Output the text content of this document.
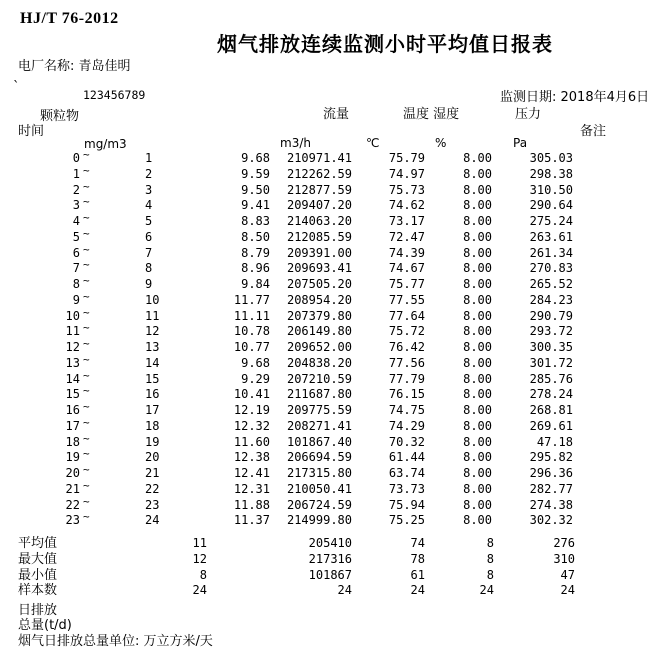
HJ/T 76-2012
烟气排放连续监测小时平均值日报表
电厂名称: 青岛佳明
`	123456789	监测日期: 2018年4月6日
颗粒物	流量	温度 湿度	压力
时间	备注
mg/m3	m3/h	℃	%	Pa
0 ~	1	9.68	210971.41	75.79	8.00	305.03
1 ~	2	9.59	212262.59	74.97	8.00	298.38
2 ~	3	9.50	212877.59	75.73	8.00	310.50
3 ~	4	9.41	209407.20	74.62	8.00	290.64
4 ~	5	8.83	214063.20	73.17	8.00	275.24
5 ~	6	8.50	212085.59	72.47	8.00	263.61
6 ~	7	8.79	209391.00	74.39	8.00	261.34
7 ~	8	8.96	209693.41	74.67	8.00	270.83
8 ~	9	9.84	207505.20	75.77	8.00	265.52
9 ~	10	11.77	208954.20	77.55	8.00	284.23
10 ~	11	11.11	207379.80	77.64	8.00	290.79
11 ~	12	10.78	206149.80	75.72	8.00	293.72
12 ~	13	10.77	209652.00	76.42	8.00	300.35
13 ~	14	9.68	204838.20	77.56	8.00	301.72
14 ~	15	9.29	207210.59	77.79	8.00	285.76
15 ~	16	10.41	211687.80	76.15	8.00	278.24
16 ~	17	12.19	209775.59	74.75	8.00	268.81
17 ~	18	12.32	208271.41	74.29	8.00	269.61
18 ~	19	11.60	101867.40	70.32	8.00	47.18
19 ~	20	12.38	206694.59	61.44	8.00	295.82
20 ~	21	12.41	217315.80	63.74	8.00	296.36
21 ~	22	12.31	210050.41	73.73	8.00	282.77
22 ~	23	11.88	206724.59	75.94	8.00	274.38
23 ~	24	11.37	214999.80	75.25	8.00	302.32
平均值	11	205410	74	8	276
最大值	12	217316	78	8	310
最小值	8	101867	61	8	47
样本数	24	24	24	24	24
日排放
总量(t/d)
烟气日排放总量单位: 万立方米/天
